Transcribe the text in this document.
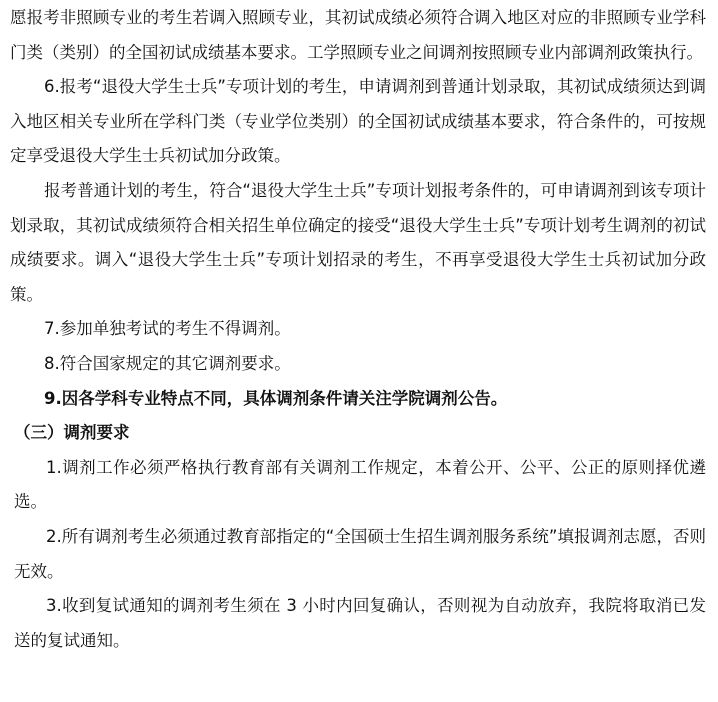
愿报考非照顾专业的考生若调入照顾专业，其初试成绩必须符合调入地区对应的非照顾专业学科门类（类别）的全国初试成绩基本要求。工学照顾专业之间调剂按照顾专业内部调剂政策执行。

6.报考“退役大学生士兵”专项计划的考生，申请调剂到普通计划录取，其初试成绩须达到调入地区相关专业所在学科门类（专业学位类别）的全国初试成绩基本要求，符合条件的，可按规定享受退役大学生士兵初试加分政策。

报考普通计划的考生，符合“退役大学生士兵”专项计划报考条件的，可申请调剂到该专项计划录取，其初试成绩须符合相关招生单位确定的接受“退役大学生士兵”专项计划考生调剂的初试成绩要求。调入“退役大学生士兵”专项计划招录的考生，不再享受退役大学生士兵初试加分政策。

7.参加单独考试的考生不得调剂。

8.符合国家规定的其它调剂要求。

9.因各学科专业特点不同，具体调剂条件请关注学院调剂公告。

（三）调剂要求

1.调剂工作必须严格执行教育部有关调剂工作规定，本着公开、公平、公正的原则择优遴选。

2.所有调剂考生必须通过教育部指定的“全国硕士生招生调剂服务系统”填报调剂志愿，否则无效。

3.收到复试通知的调剂考生须在 3 小时内回复确认，否则视为自动放弃，我院将取消已发送的复试通知。
